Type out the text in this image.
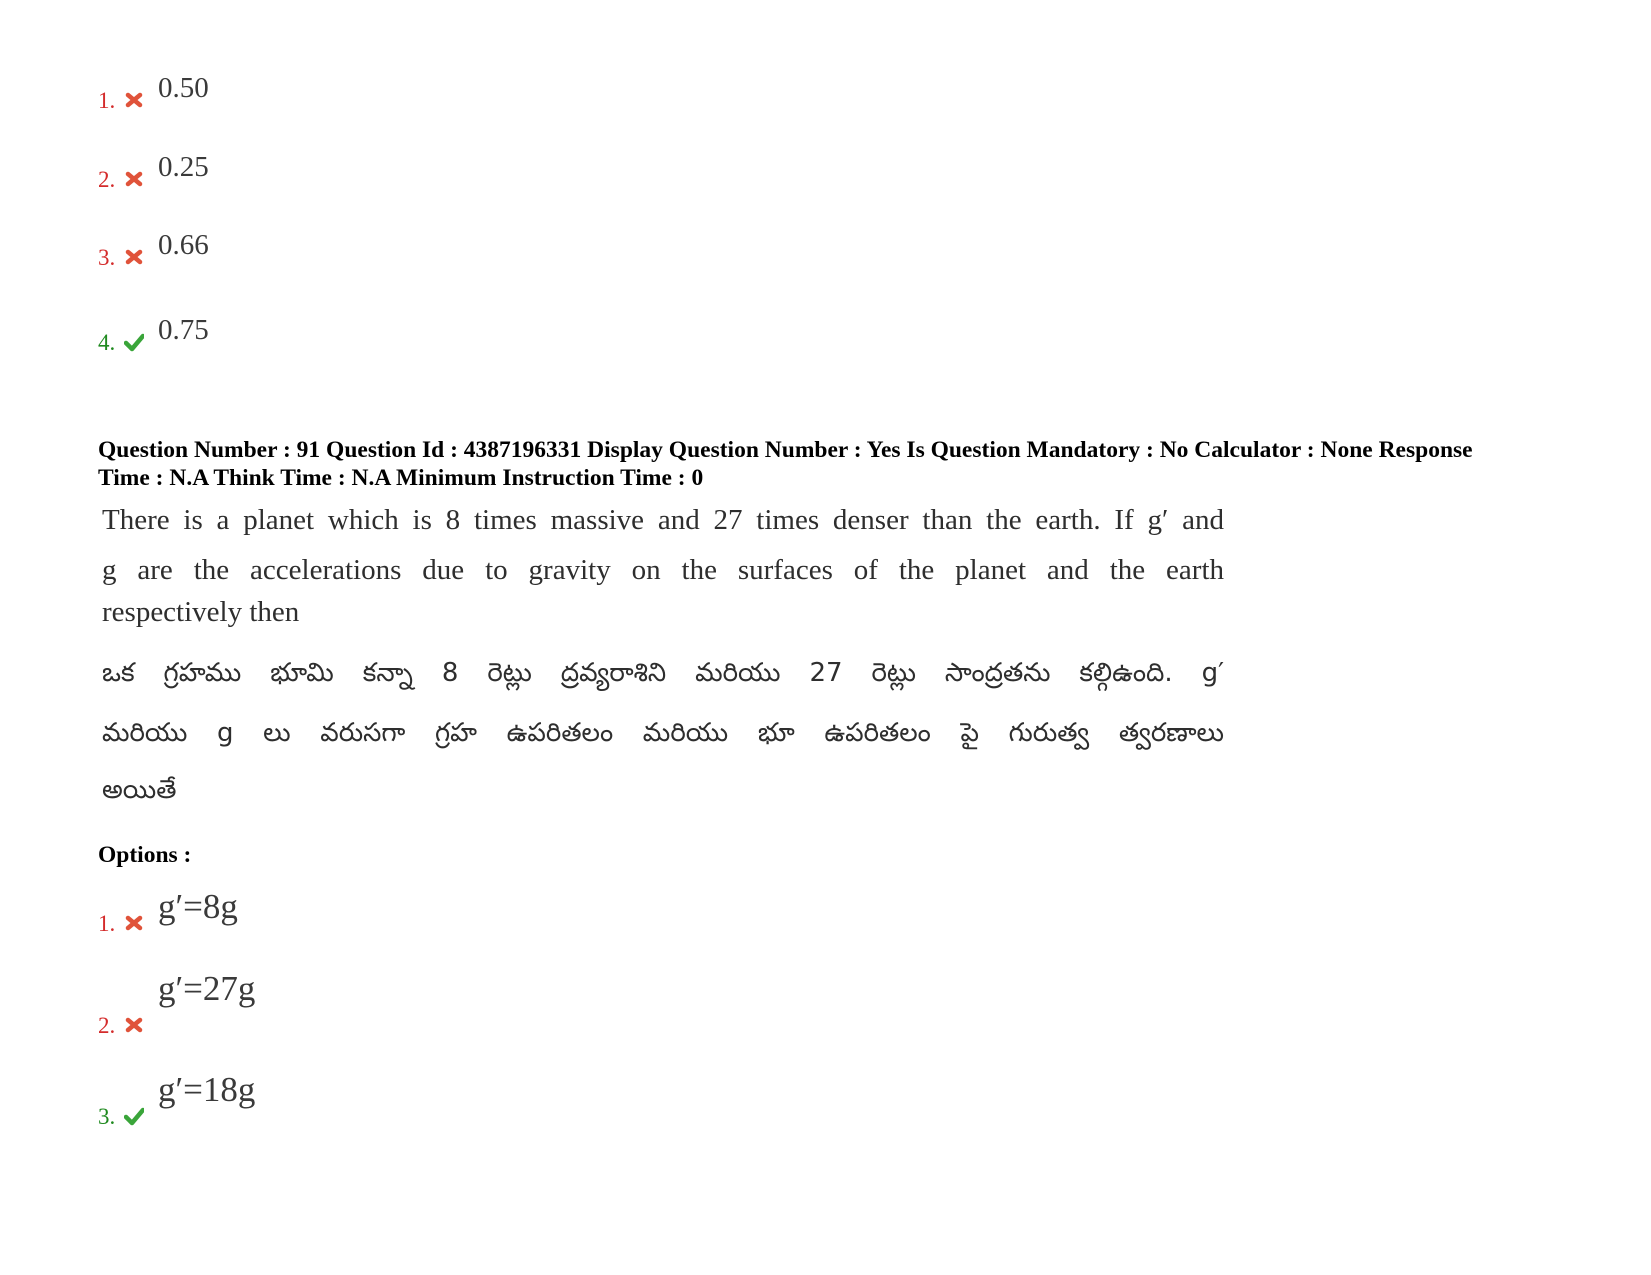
1. 0.50
2. 0.25
3. 0.66
4. 0.75
Question Number : 91 Question Id : 4387196331 Display Question Number : Yes Is Question Mandatory : No Calculator : None Response
Time : N.A Think Time : N.A Minimum Instruction Time : 0
There is a planet which is 8 times massive and 27 times denser than the earth. If g′ and
g are the accelerations due to gravity on the surfaces of the planet and the earth
respectively then
ఒక గ్రహము భూమి కన్నా 8 రెట్లు ద్రవ్యరాశిని మరియు 27 రెట్లు సాంద్రతను కల్గిఉంది. g′
మరియు g లు వరుసగా గ్రహ ఉపరితలం మరియు భూ ఉపరితలం పై గురుత్వ త్వరణాలు
అయితే
Options :
1. g′=8g
2.
g′=27g
3.
g′=18g
